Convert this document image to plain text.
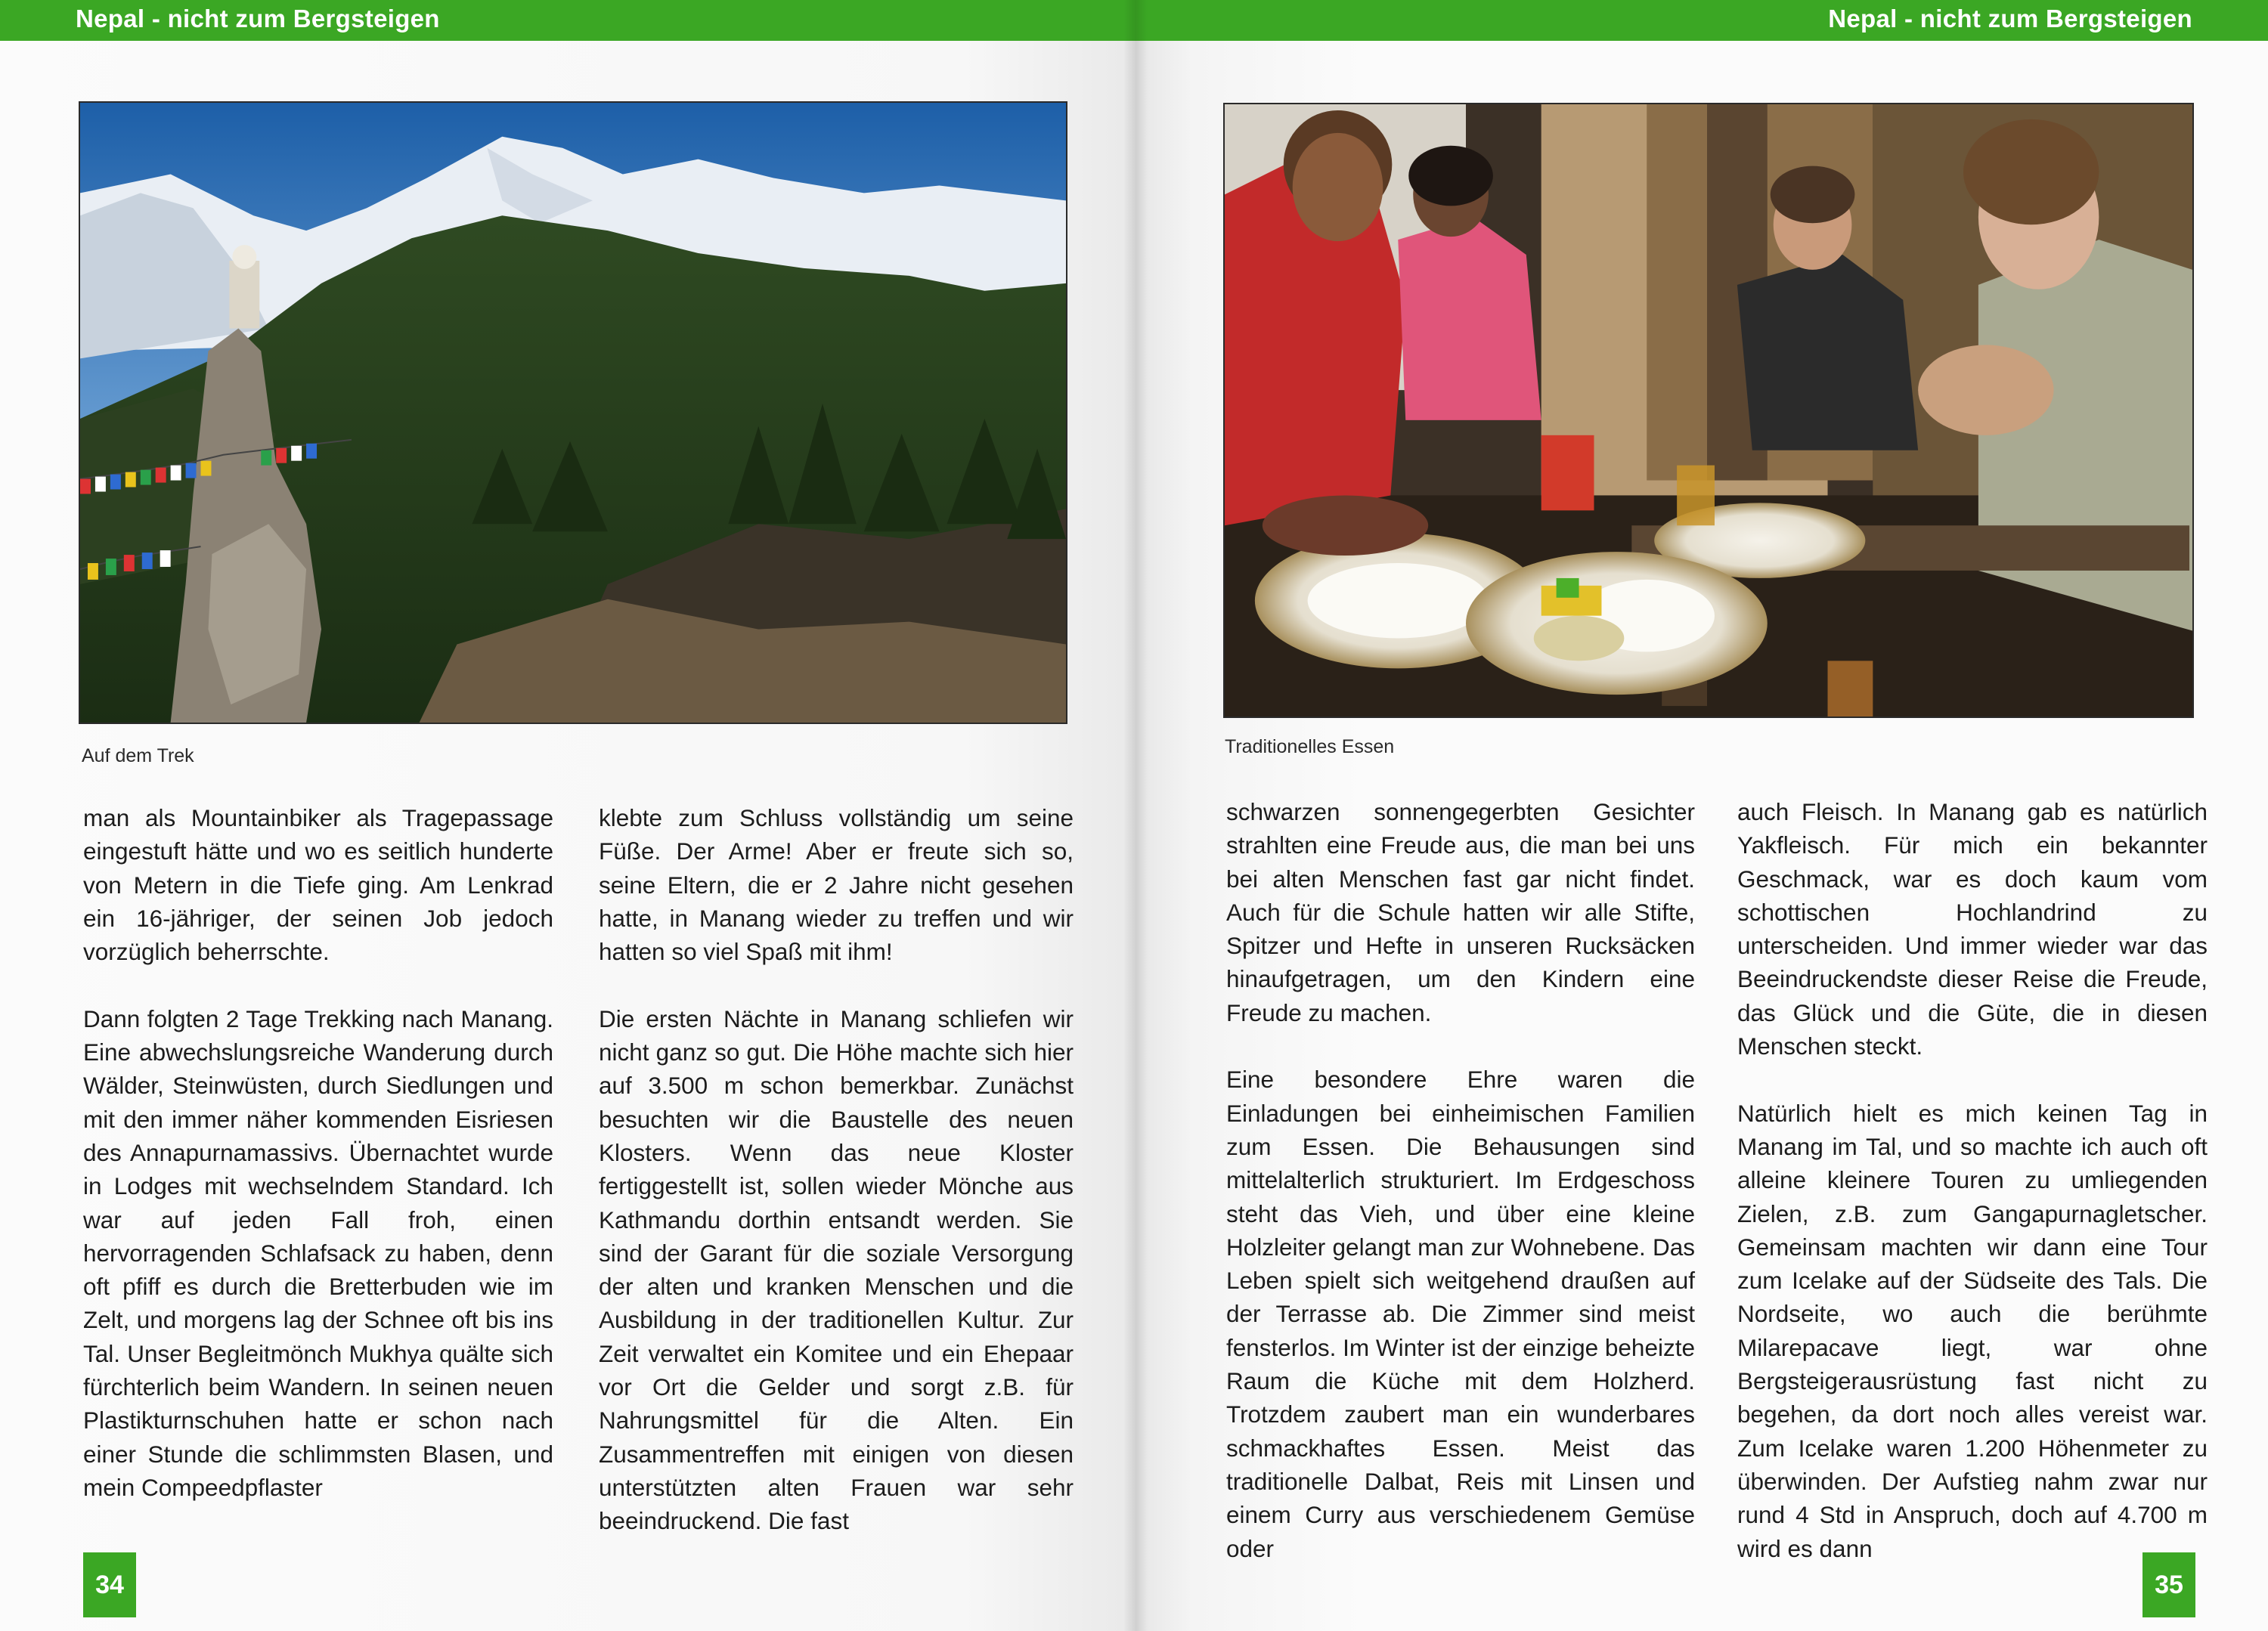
Nepal - nicht zum Bergsteigen
Auf dem Trek

man als Mountainbiker als Tragepassage eingestuft hätte und wo es seitlich hunderte von Metern in die Tiefe ging. Am Lenkrad ein 16-jähriger, der seinen Job jedoch vorzüglich beherrschte.

Dann folgten 2 Tage Trekking nach Manang. Eine abwechslungsreiche Wanderung durch Wälder, Steinwüsten, durch Siedlungen und mit den immer näher kommenden Eisriesen des Annapurnamassivs. Übernachtet wurde in Lodges mit wechselndem Standard. Ich war auf jeden Fall froh, einen hervorragenden Schlafsack zu haben, denn oft pfiff es durch die Bretterbuden wie im Zelt, und morgens lag der Schnee oft bis ins Tal. Unser Begleitmönch Mukhya quälte sich fürchterlich beim Wandern. In seinen neuen Plastikturnschuhen hatte er schon nach einer Stunde die schlimmsten Blasen, und mein Compeedpflaster

klebte zum Schluss vollständig um seine Füße. Der Arme! Aber er freute sich so, seine Eltern, die er 2 Jahre nicht gesehen hatte, in Manang wieder zu treffen und wir hatten so viel Spaß mit ihm!

Die ersten Nächte in Manang schliefen wir nicht ganz so gut. Die Höhe machte sich hier auf 3.500 m schon bemerkbar. Zunächst besuchten wir die Baustelle des neuen Klosters. Wenn das neue Kloster fertiggestellt ist, sollen wieder Mönche aus Kathmandu dorthin entsandt werden. Sie sind der Garant für die soziale Versorgung der alten und kranken Menschen und die Ausbildung in der traditionellen Kultur. Zur Zeit verwaltet ein Komitee und ein Ehepaar vor Ort die Gelder und sorgt z.B. für Nahrungsmittel für die Alten. Ein Zusammentreffen mit einigen von diesen unterstützten alten Frauen war sehr beeindruckend. Die fast

34
Nepal - nicht zum Bergsteigen
Traditionelles Essen

schwarzen sonnengegerbten Gesichter strahlten eine Freude aus, die man bei uns bei alten Menschen fast gar nicht findet. Auch für die Schule hatten wir alle Stifte, Spitzer und Hefte in unseren Rucksäcken hinaufgetragen, um den Kindern eine Freude zu machen.

Eine besondere Ehre waren die Einladungen bei einheimischen Familien zum Essen. Die Behausungen sind mittelalterlich strukturiert. Im Erdgeschoss steht das Vieh, und über eine kleine Holzleiter gelangt man zur Wohnebene. Das Leben spielt sich weitgehend draußen auf der Terrasse ab. Die Zimmer sind meist fensterlos. Im Winter ist der einzige beheizte Raum die Küche mit dem Holzherd. Trotzdem zaubert man ein wunderbares schmackhaftes Essen. Meist das traditionelle Dalbat, Reis mit Linsen und einem Curry aus verschiedenem Gemüse oder

auch Fleisch. In Manang gab es natürlich Yakfleisch. Für mich ein bekannter Geschmack, war es doch kaum vom schottischen Hochlandrind zu unterscheiden. Und immer wieder war das Beeindruckendste dieser Reise die Freude, das Glück und die Güte, die in diesen Menschen steckt.

Natürlich hielt es mich keinen Tag in Manang im Tal, und so machte ich auch oft alleine kleinere Touren zu umliegenden Zielen, z.B. zum Gangapurnagletscher. Gemeinsam machten wir dann eine Tour zum Icelake auf der Südseite des Tals. Die Nordseite, wo auch die berühmte Milarepacave liegt, war ohne Bergsteigerausrüstung fast nicht zu begehen, da dort noch alles vereist war. Zum Icelake waren 1.200 Höhenmeter zu überwinden. Der Aufstieg nahm zwar nur rund 4 Std in Anspruch, doch auf 4.700 m wird es dann

35
